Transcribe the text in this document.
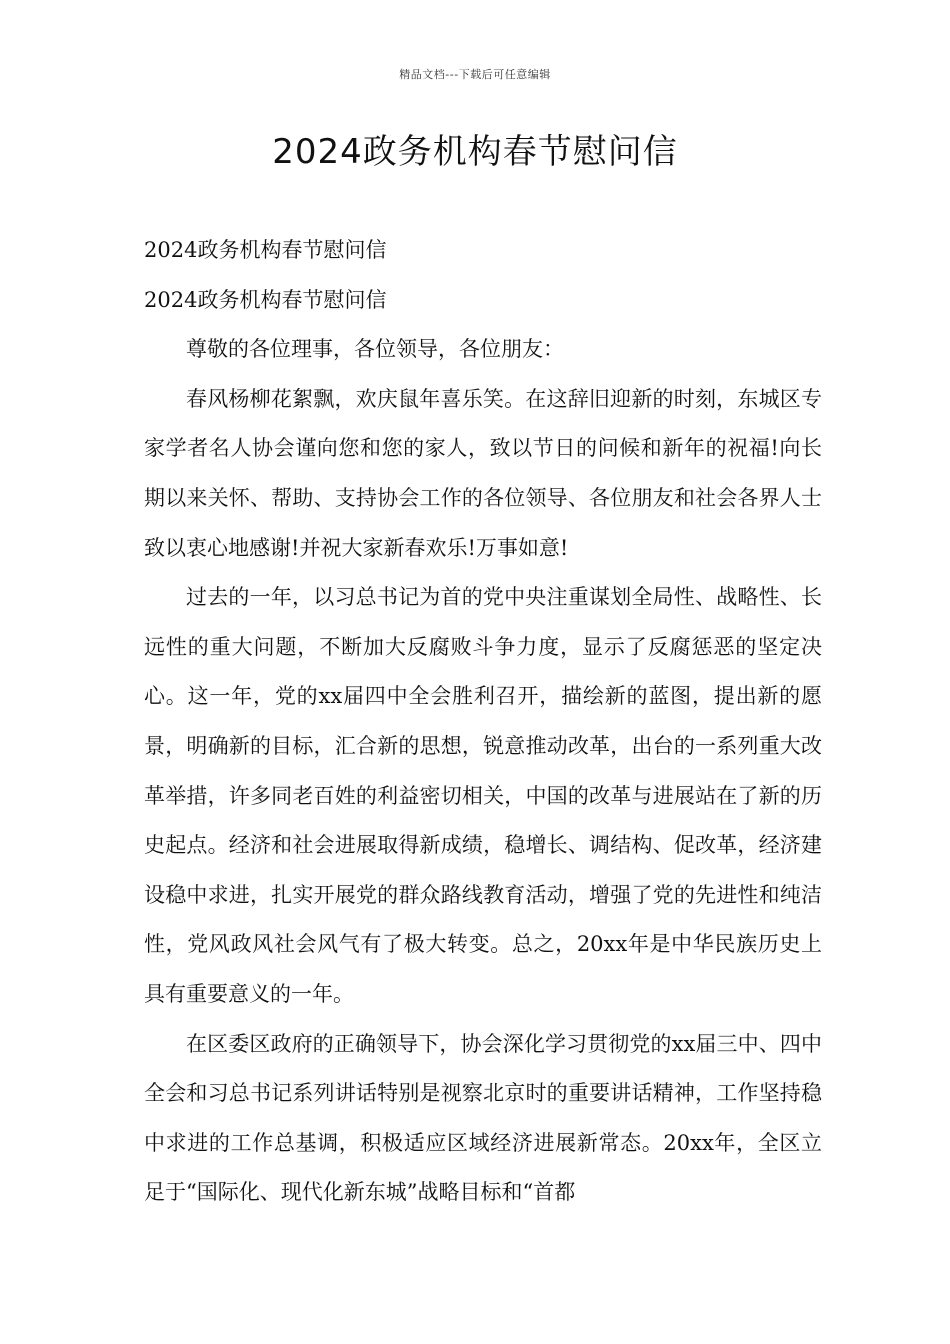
精品文档---下载后可任意编辑
2024政务机构春节慰问信

2024政务机构春节慰问信

2024政务机构春节慰问信

尊敬的各位理事，各位领导，各位朋友：

春风杨柳花絮飘，欢庆鼠年喜乐笑。在这辞旧迎新的时刻，东城区专家学者名人协会谨向您和您的家人，致以节日的问候和新年的祝福!向长期以来关怀、帮助、支持协会工作的各位领导、各位朋友和社会各界人士致以衷心地感谢!并祝大家新春欢乐!万事如意!

过去的一年，以习总书记为首的党中央注重谋划全局性、战略性、长远性的重大问题，不断加大反腐败斗争力度，显示了反腐惩恶的坚定决心。这一年，党的xx届四中全会胜利召开，描绘新的蓝图，提出新的愿景，明确新的目标，汇合新的思想，锐意推动改革，出台的一系列重大改革举措，许多同老百姓的利益密切相关，中国的改革与进展站在了新的历史起点。经济和社会进展取得新成绩，稳增长、调结构、促改革，经济建设稳中求进，扎实开展党的群众路线教育活动，增强了党的先进性和纯洁性，党风政风社会风气有了极大转变。总之，20xx年是中华民族历史上具有重要意义的一年。

在区委区政府的正确领导下，协会深化学习贯彻党的xx届三中、四中全会和习总书记系列讲话特别是视察北京时的重要讲话精神，工作坚持稳中求进的工作总基调，积极适应区域经济进展新常态。20xx年，全区立足于“国际化、现代化新东城”战略目标和“首都
